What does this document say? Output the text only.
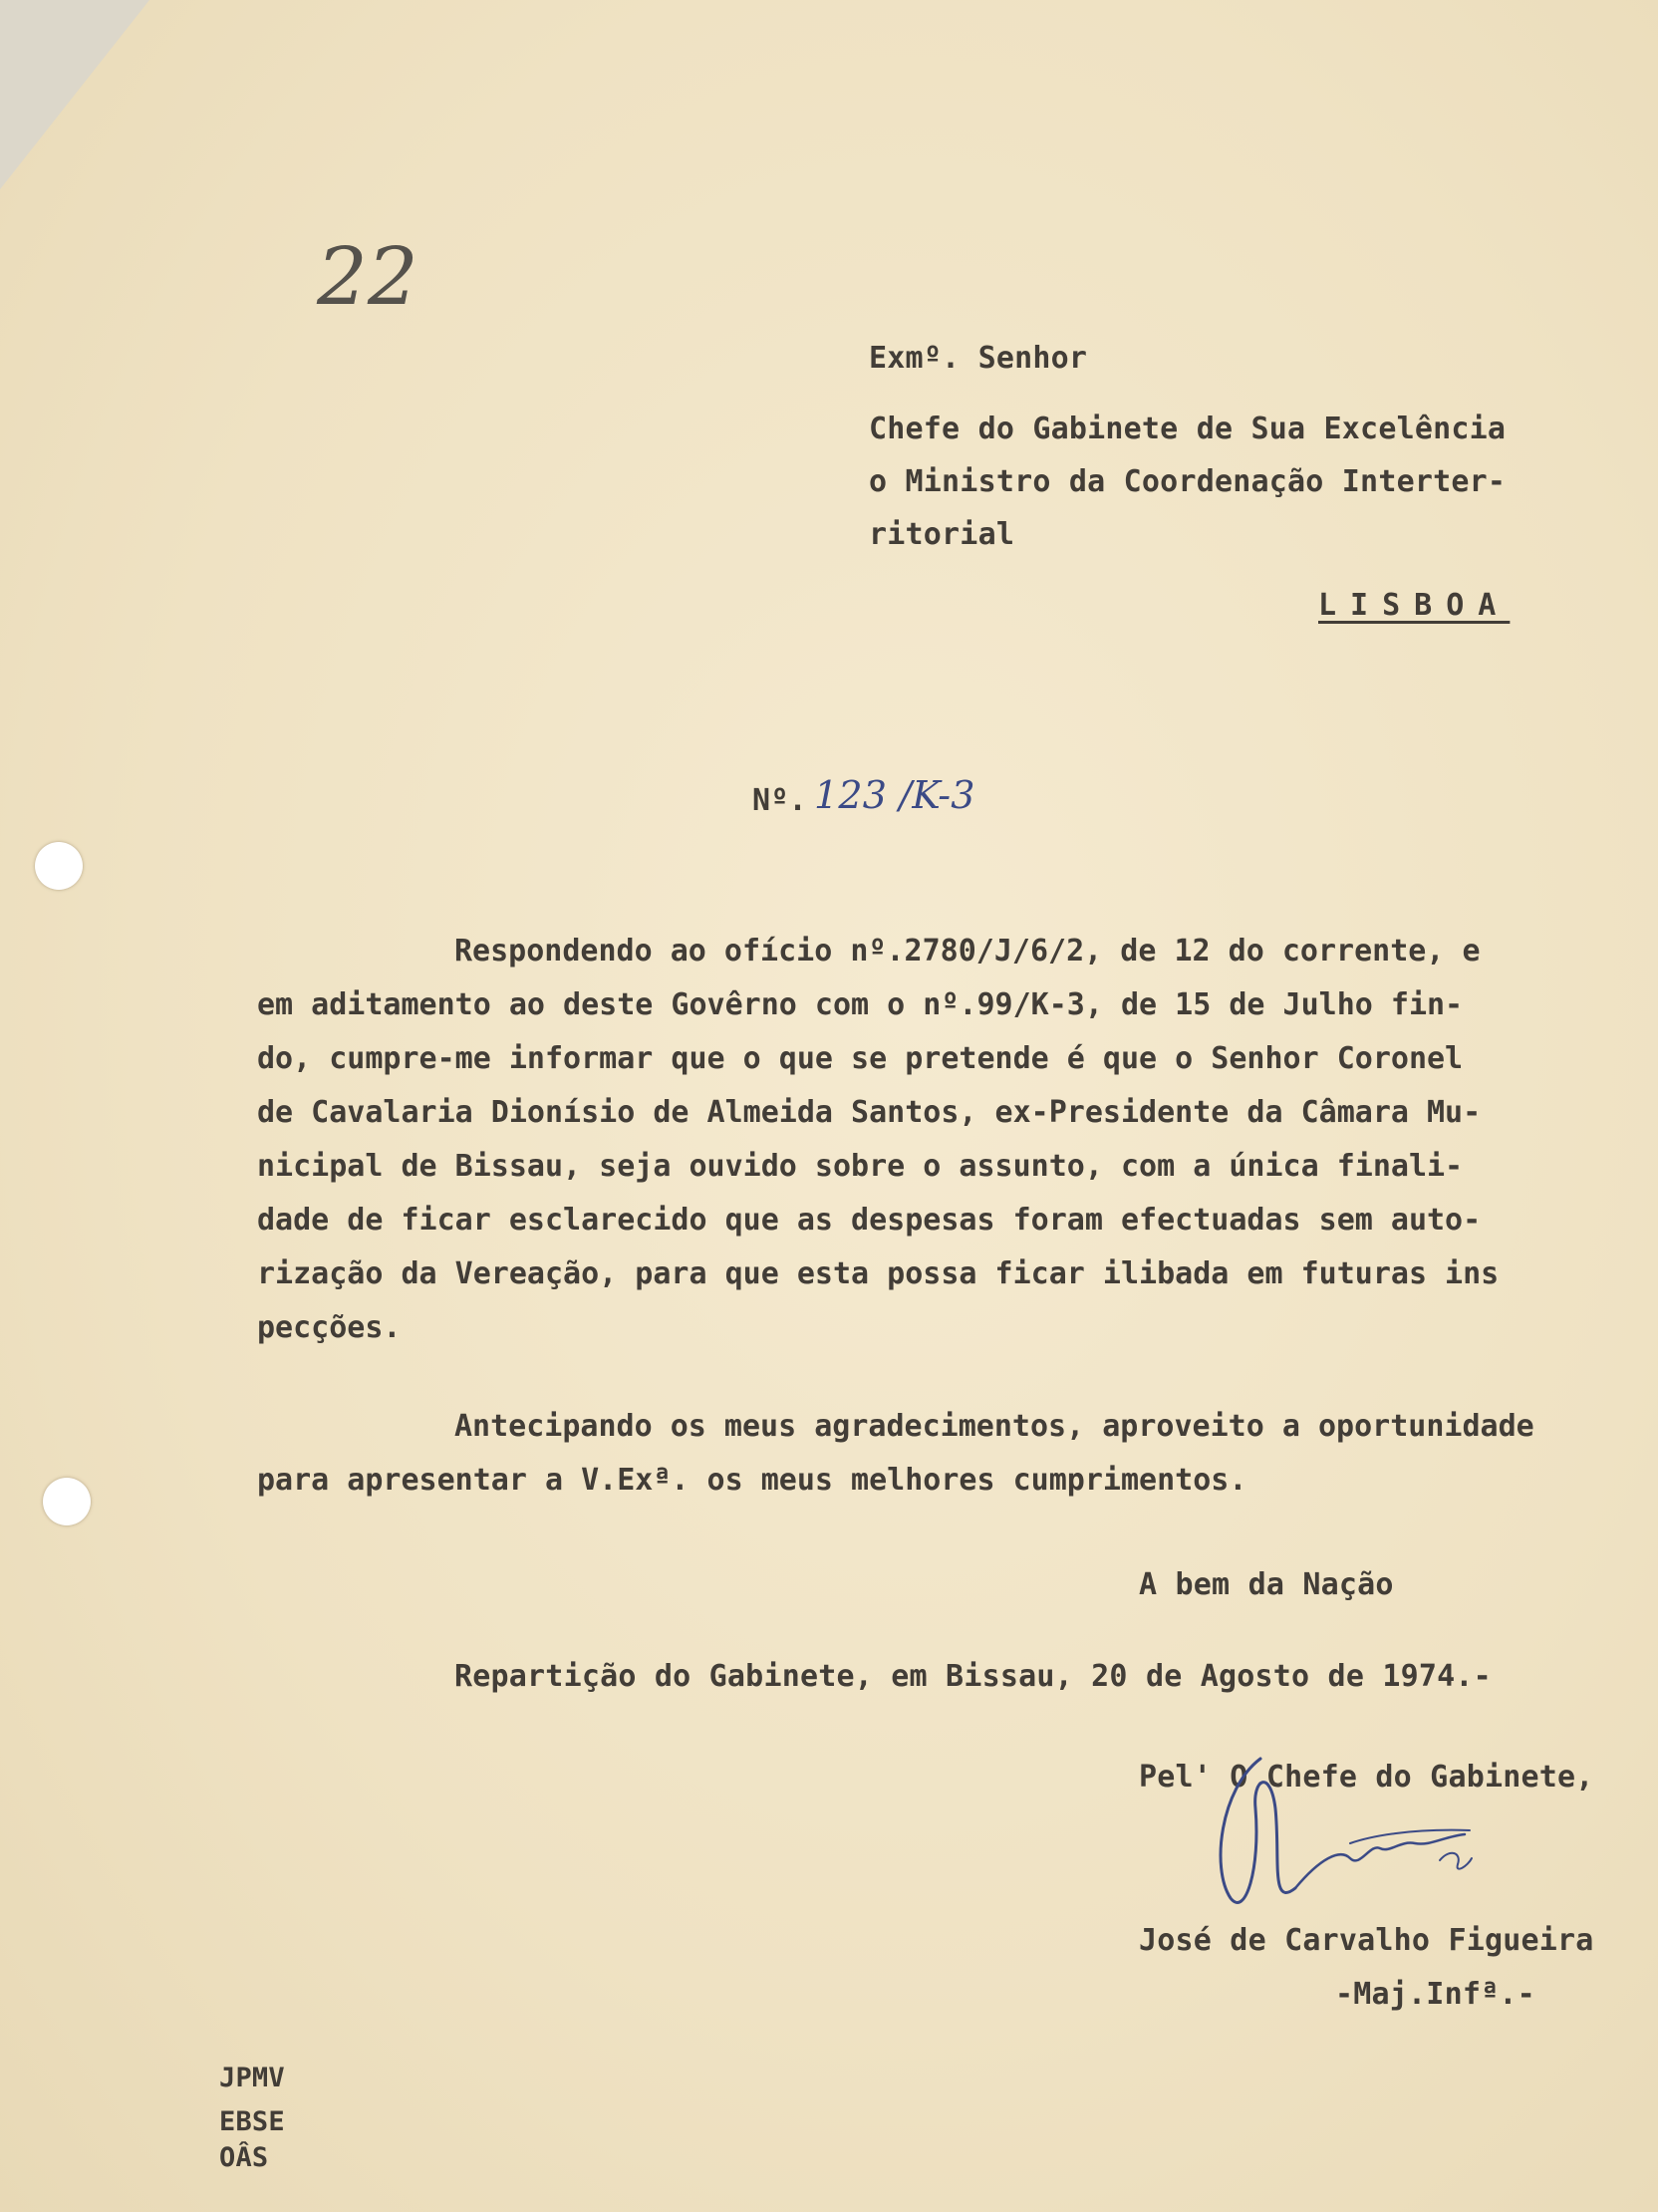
22
Exmº. Senhor
Chefe do Gabinete de Sua Excelência
o Ministro da Coordenação Interter-
ritorial
LISBOA
Nº. 123 /K-3
Respondendo ao ofício nº.2780/J/6/2, de 12 do corrente, e
em aditamento ao deste Govêrno com o nº.99/K-3, de 15 de Julho fin-
do, cumpre-me informar que o que se pretende é que o Senhor Coronel
de Cavalaria Dionísio de Almeida Santos, ex-Presidente da Câmara Mu-
nicipal de Bissau, seja ouvido sobre o assunto, com a única finali-
dade de ficar esclarecido que as despesas foram efectuadas sem auto-
rização da Vereação, para que esta possa ficar ilibada em futuras ins
pecções.
Antecipando os meus agradecimentos, aproveito a oportunidade
para apresentar a V.Exª. os meus melhores cumprimentos.
A bem da Nação
Repartição do Gabinete, em Bissau, 20 de Agosto de 1974.-
Pel' O Chefe do Gabinete,
José de Carvalho Figueira
-Maj.Infª.-
JPMV
EBSE
OÂS
